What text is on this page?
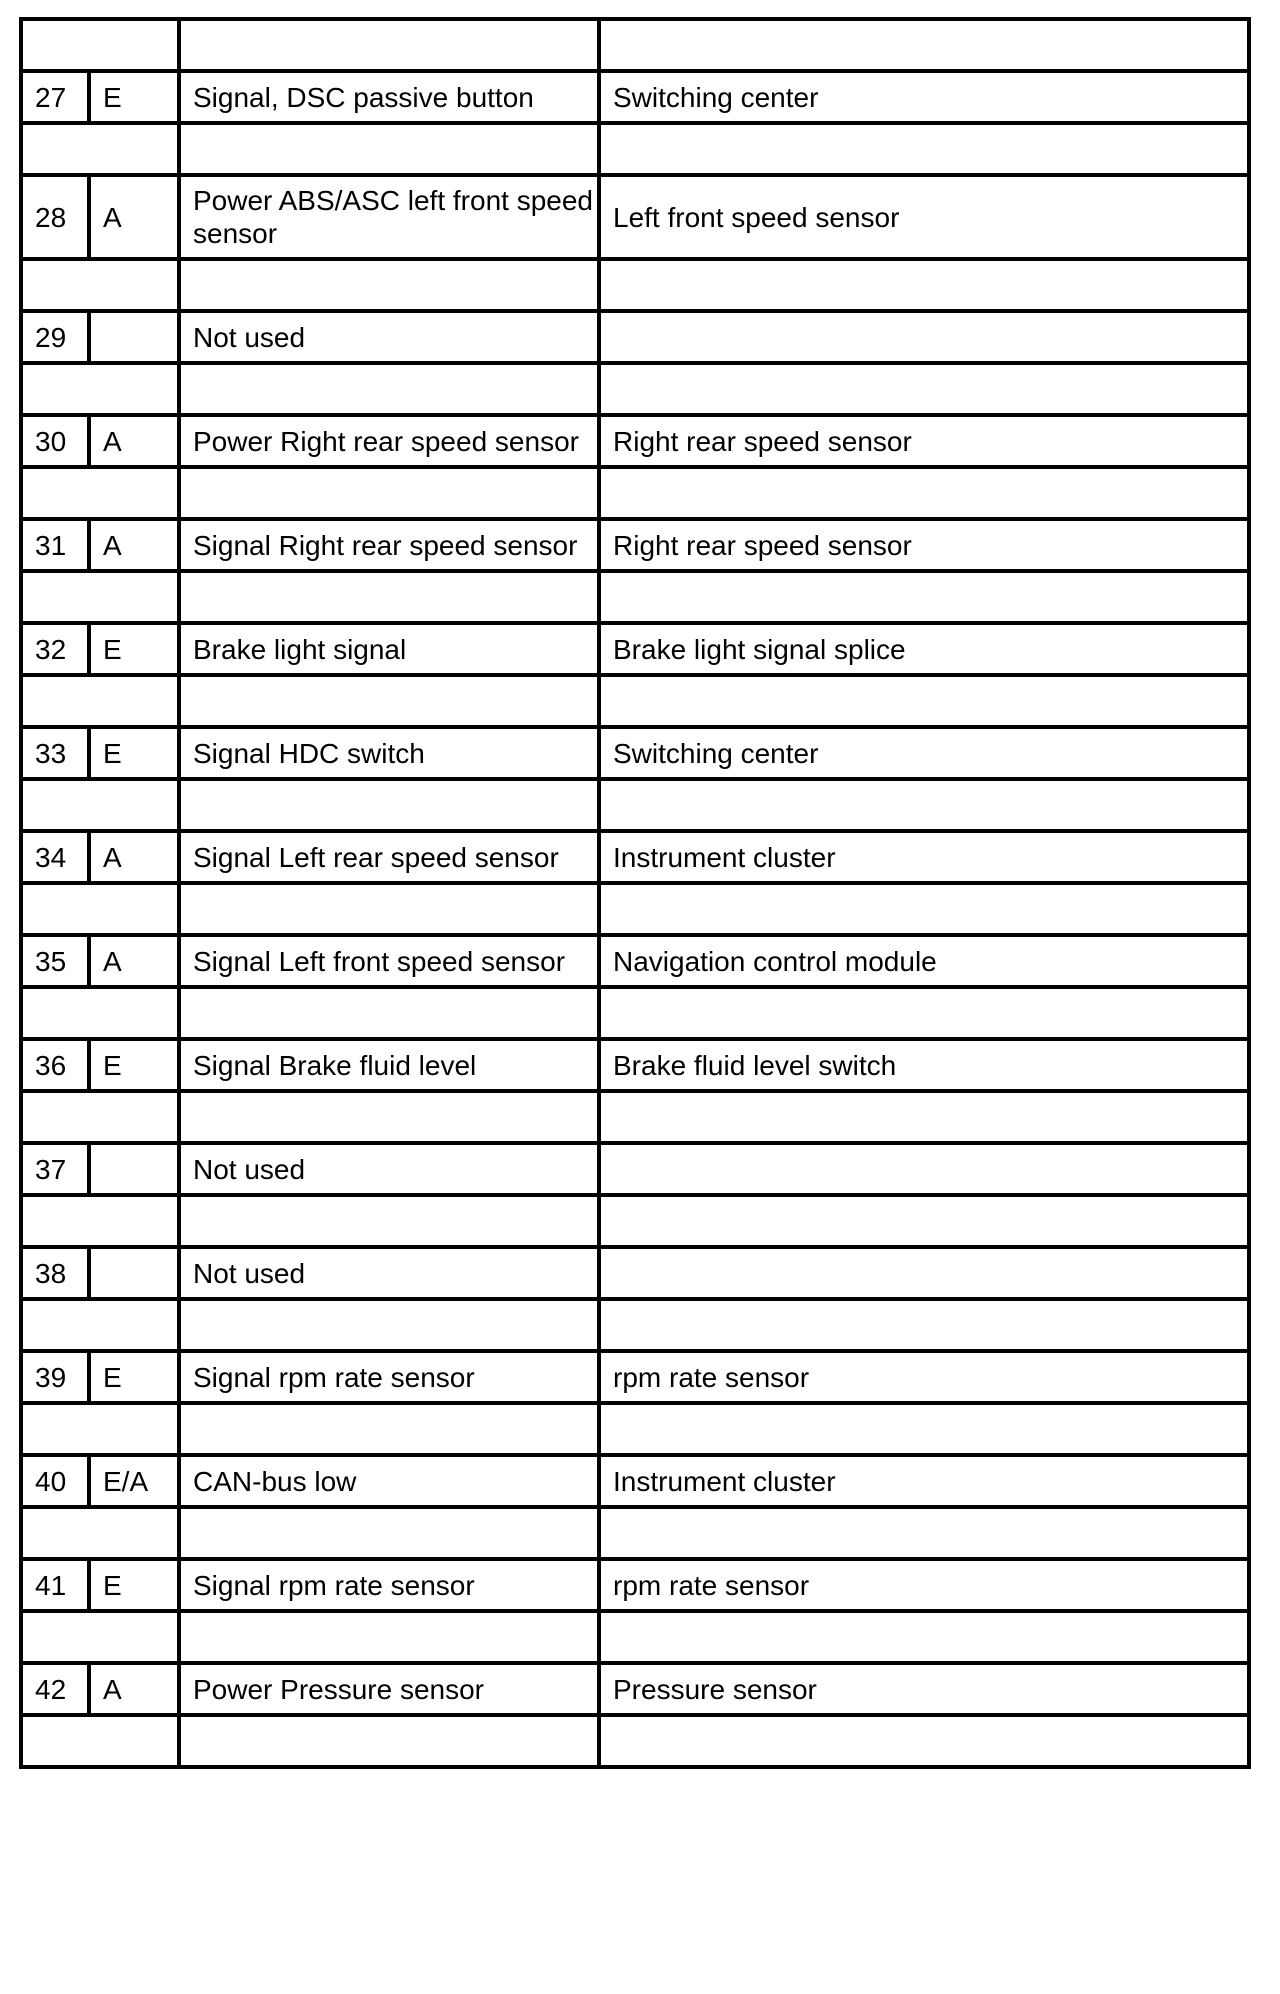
27	E	Signal, DSC passive button	Switching center

28	A	Power ABS/ASC left front speed sensor	Left front speed sensor

29		Not used	

30	A	Power Right rear speed sensor	Right rear speed sensor

31	A	Signal Right rear speed sensor	Right rear speed sensor

32	E	Brake light signal	Brake light signal splice

33	E	Signal HDC switch	Switching center

34	A	Signal Left rear speed sensor	Instrument cluster

35	A	Signal Left front speed sensor	Navigation control module

36	E	Signal Brake fluid level	Brake fluid level switch

37		Not used	

38		Not used	

39	E	Signal rpm rate sensor	rpm rate sensor

40	E/A	CAN-bus low	Instrument cluster

41	E	Signal rpm rate sensor	rpm rate sensor

42	A	Power Pressure sensor	Pressure sensor
